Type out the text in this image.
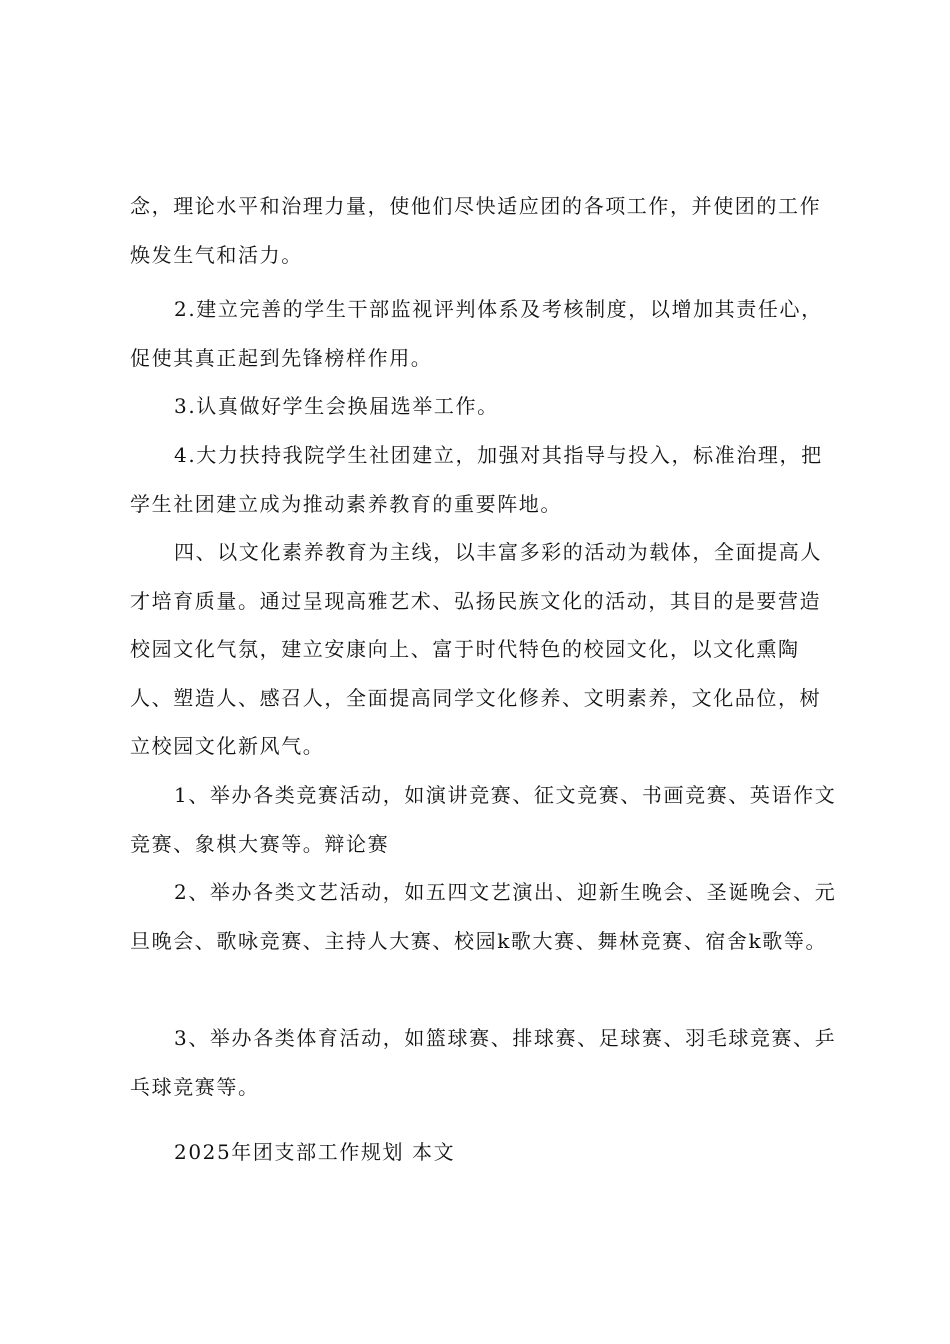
念，理论水平和治理力量，使他们尽快适应团的各项工作，并使团的工作焕发生气和活力。

2.建立完善的学生干部监视评判体系及考核制度，以增加其责任心，促使其真正起到先锋榜样作用。

3.认真做好学生会换届选举工作。

4.大力扶持我院学生社团建立，加强对其指导与投入，标准治理，把学生社团建立成为推动素养教育的重要阵地。

四、以文化素养教育为主线，以丰富多彩的活动为载体，全面提高人才培育质量。通过呈现高雅艺术、弘扬民族文化的活动，其目的是要营造校园文化气氛，建立安康向上、富于时代特色的校园文化，以文化熏陶人、塑造人、感召人，全面提高同学文化修养、文明素养，文化品位，树立校园文化新风气。

1、举办各类竞赛活动，如演讲竞赛、征文竞赛、书画竞赛、英语作文竞赛、象棋大赛等。辩论赛

2、举办各类文艺活动，如五四文艺演出、迎新生晚会、圣诞晚会、元旦晚会、歌咏竞赛、主持人大赛、校园k歌大赛、舞林竞赛、宿舍k歌等。

3、举办各类体育活动，如篮球赛、排球赛、足球赛、羽毛球竞赛、乒乓球竞赛等。

2025年团支部工作规划 本文
